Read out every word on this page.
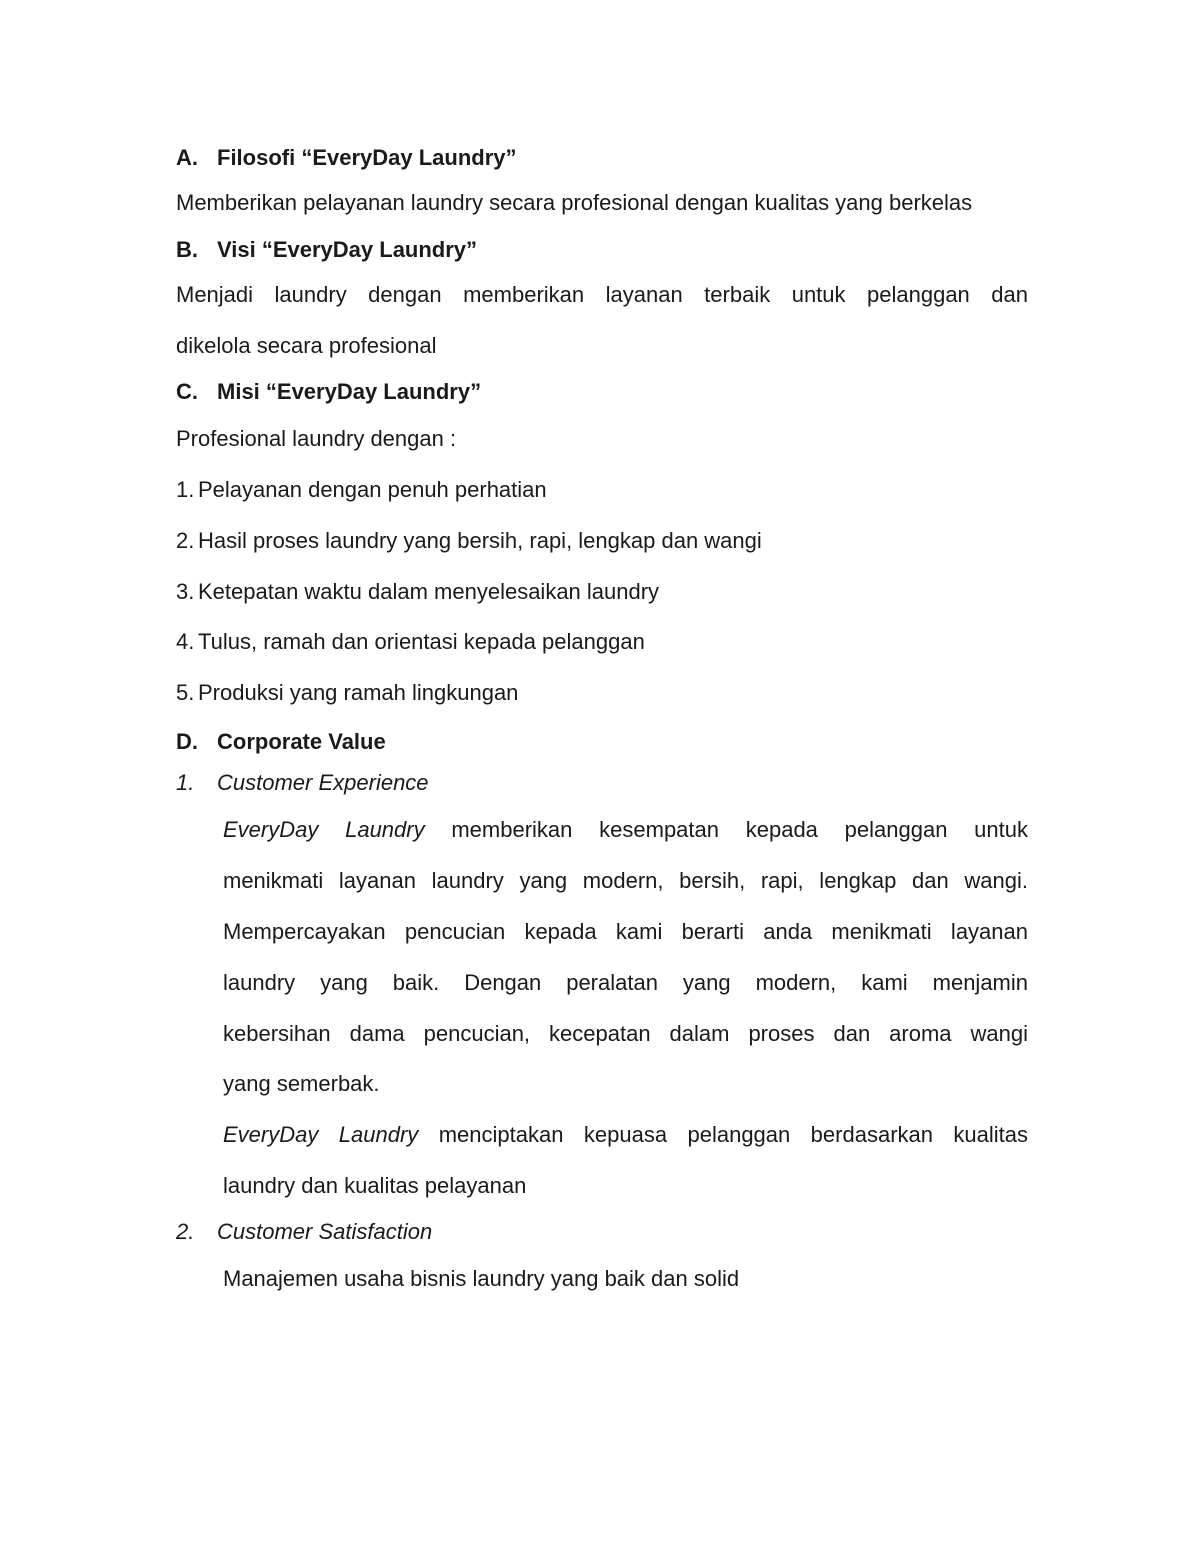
A. Filosofi “EveryDay Laundry”
Memberikan pelayanan laundry secara profesional dengan kualitas yang berkelas
B. Visi “EveryDay Laundry”
Menjadi laundry dengan memberikan layanan terbaik untuk pelanggan dan
dikelola secara profesional
C. Misi “EveryDay Laundry”
Profesional laundry dengan :
1. Pelayanan dengan penuh perhatian
2. Hasil proses laundry yang bersih, rapi, lengkap dan wangi
3. Ketepatan waktu dalam menyelesaikan laundry
4. Tulus, ramah dan orientasi kepada pelanggan
5. Produksi yang ramah lingkungan
D. Corporate Value
1. Customer Experience
EveryDay Laundry memberikan kesempatan kepada pelanggan untuk
menikmati layanan laundry yang modern, bersih, rapi, lengkap dan wangi.
Mempercayakan pencucian kepada kami berarti anda menikmati layanan
laundry yang baik. Dengan peralatan yang modern, kami menjamin
kebersihan dama pencucian, kecepatan dalam proses dan aroma wangi
yang semerbak.
EveryDay Laundry menciptakan kepuasa pelanggan berdasarkan kualitas
laundry dan kualitas pelayanan
2. Customer Satisfaction
Manajemen usaha bisnis laundry yang baik dan solid
